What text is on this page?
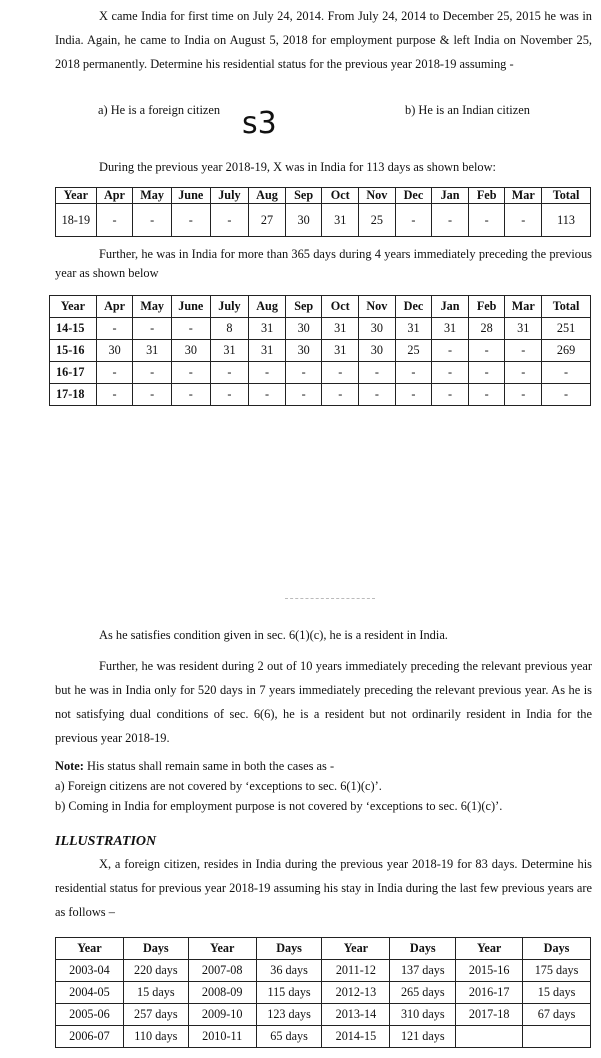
X came India for first time on July 24, 2014. From July 24, 2014 to December 25, 2015 he was in India. Again, he came to India on August 5, 2018 for employment purpose & left India on November 25, 2018 permanently. Determine his residential status for the previous year 2018-19 assuming -

a) He is a foreign citizen s3	b) He is an Indian citizen
During the previous year 2018-19, X was in India for 113 days as shown below:
Year	Apr	May	June	July	Aug	Sep	Oct	Nov	Dec	Jan	Feb	Mar	Total
18-19	-	-	-	-	27	30	31	25	-	-	-	-	113

Further, he was in India for more than 365 days during 4 years immediately preceding the previous year as shown below

Year	Apr	May	June	July	Aug	Sep	Oct	Nov	Dec	Jan	Feb	Mar	Total
14-15	-	-	-	8	31	30	31	30	31	31	28	31	251
15-16	30	31	30	31	31	30	31	30	25	-	-	-	269
16-17	-	-	-	-	-	-	-	-	-	-	-	-	-
17-18	-	-	-	-	-	-	-	-	-	-	-	-	-
As he satisfies condition given in sec. 6(1)(c), he is a resident in India.

Further, he was resident during 2 out of 10 years immediately preceding the relevant previous year but he was in India only for 520 days in 7 years immediately preceding the relevant previous year. As he is not satisfying dual conditions of sec. 6(6), he is a resident but not ordinarily resident in India for the previous year 2018-19.

Note: His status shall remain same in both the cases as -

a) Foreign citizens are not covered by ‘exceptions to sec. 6(1)(c)’.

b) Coming in India for employment purpose is not covered by ‘exceptions to sec. 6(1)(c)’.

ILLUSTRATION

X, a foreign citizen, resides in India during the previous year 2018-19 for 83 days. Determine his residential status for previous year 2018-19 assuming his stay in India during the last few previous years are as follows –

Year	Days	Year	Days	Year	Days	Year	Days
2003-04	220 days	2007-08	36 days	2011-12	137 days	2015-16	175 days
2004-05	15 days	2008-09	115 days	2012-13	265 days	2016-17	15 days
2005-06	257 days	2009-10	123 days	2013-14	310 days	2017-18	67 days
2006-07	110 days	2010-11	65 days	2014-15	121 days		
